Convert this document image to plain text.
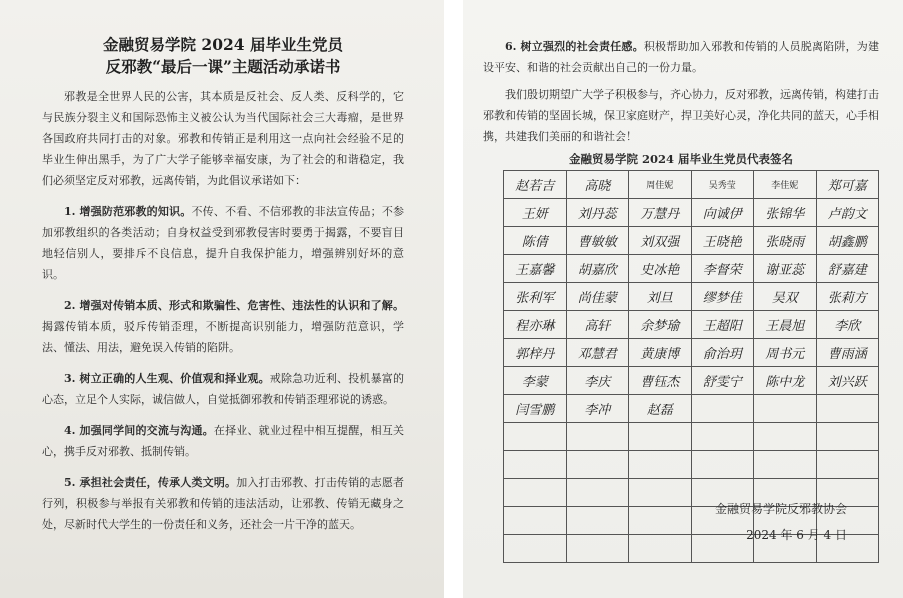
金融贸易学院 2024 届毕业生党员
反邪教“最后一课”主题活动承诺书

邪教是全世界人民的公害，其本质是反社会、反人类、反科学的，它与民族分裂主义和国际恐怖主义被公认为当代国际社会三大毒瘤，是世界各国政府共同打击的对象。邪教和传销正是利用这一点向社会经验不足的毕业生伸出黑手，为了广大学子能够幸福安康，为了社会的和谐稳定，我们必须坚定反对邪教，远离传销，为此倡议承诺如下：

1. 增强防范邪教的知识。不传、不看、不信邪教的非法宣传品；不参加邪教组织的各类活动；自身权益受到邪教侵害时要勇于揭露，不要盲目地轻信别人，要排斥不良信息，提升自我保护能力，增强辨别好坏的意识。

2. 增强对传销本质、形式和欺骗性、危害性、违法性的认识和了解。揭露传销本质，驳斥传销歪理，不断提高识别能力，增强防范意识，学法、懂法、用法，避免误入传销的陷阱。

3. 树立正确的人生观、价值观和择业观。戒除急功近利、投机暴富的心态，立足个人实际，诚信做人，自觉抵御邪教和传销歪理邪说的诱惑。

4. 加强同学间的交流与沟通。在择业、就业过程中相互提醒，相互关心，携手反对邪教、抵制传销。

5. 承担社会责任，传承人类文明。加入打击邪教、打击传销的志愿者行列，积极参与举报有关邪教和传销的违法活动，让邪教、传销无藏身之处，尽新时代大学生的一份责任和义务，还社会一片干净的蓝天。

6. 树立强烈的社会责任感。积极帮助加入邪教和传销的人员脱离陷阱，为建设平安、和谐的社会贡献出自己的一份力量。

我们殷切期望广大学子积极参与，齐心协力，反对邪教，远离传销，构建打击邪教和传销的坚固长城，保卫家庭财产，捍卫美好心灵，净化共同的蓝天，心手相携，共建我们美丽的和谐社会！

金融贸易学院 2024 届毕业生党员代表签名
赵若吉	高晓	周佳妮	吴秀莹	李佳妮	郑可嘉
王妍	刘丹蕊	万慧丹	向诚伊	张锦华	卢韵文
陈倩	曹敏敏	刘双强	王晓艳	张晓雨	胡鑫鹏
王嘉馨	胡嘉欣	史冰艳	李督荣	谢亚蕊	舒嘉建
张利军	尚佳蒙	刘旦	缪梦佳	吴双	张莉方
程亦琳	高轩	余梦瑜	王超阳	王晨旭	李欣
郭梓丹	邓慧君	黄康博	俞治玥	周书元	曹雨涵
李蒙	李庆	曹钰杰	舒雯宁	陈中龙	刘兴跃
闫雪鹏	李冲	赵磊			

金融贸易学院反邪教协会
2024 年 6 月 4 日
